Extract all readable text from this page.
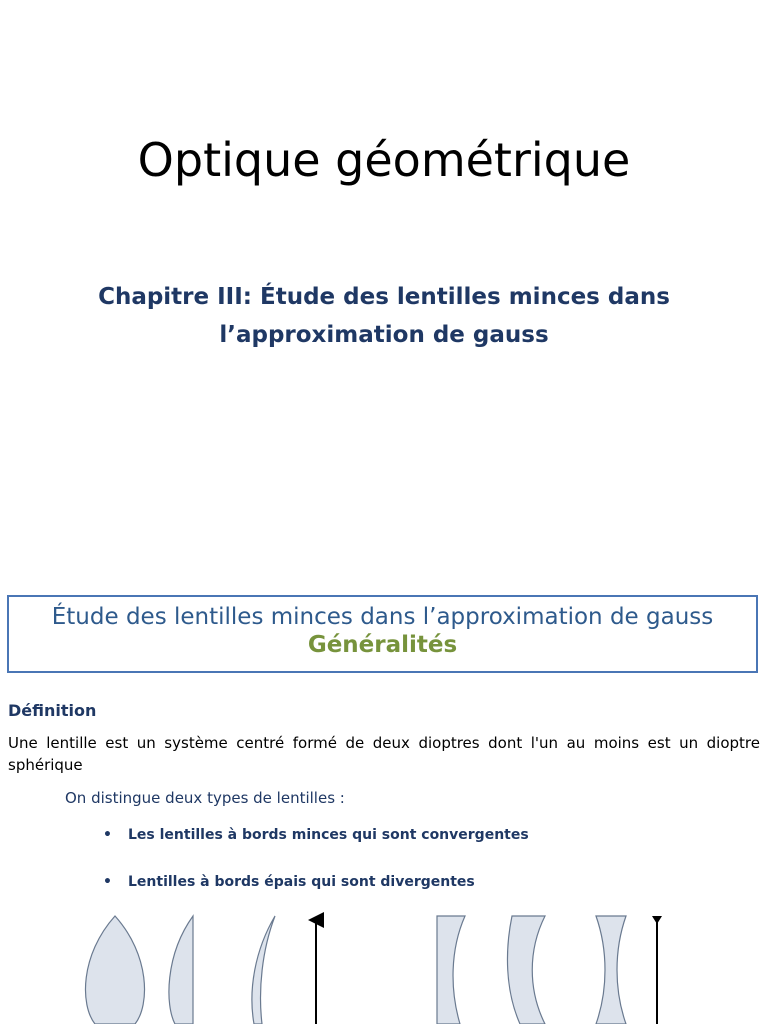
Optique géométrique
Chapitre III: Étude des lentilles minces dans
l’approximation de gauss
Étude des lentilles minces dans l’approximation de gauss
Généralités

Définition

Une lentille est un système centré formé de deux dioptres dont l'un au moins est un dioptre sphérique

On distingue deux types de lentilles :

• Les lentilles à bords minces qui sont convergentes
• Lentilles à bords épais qui sont divergentes
